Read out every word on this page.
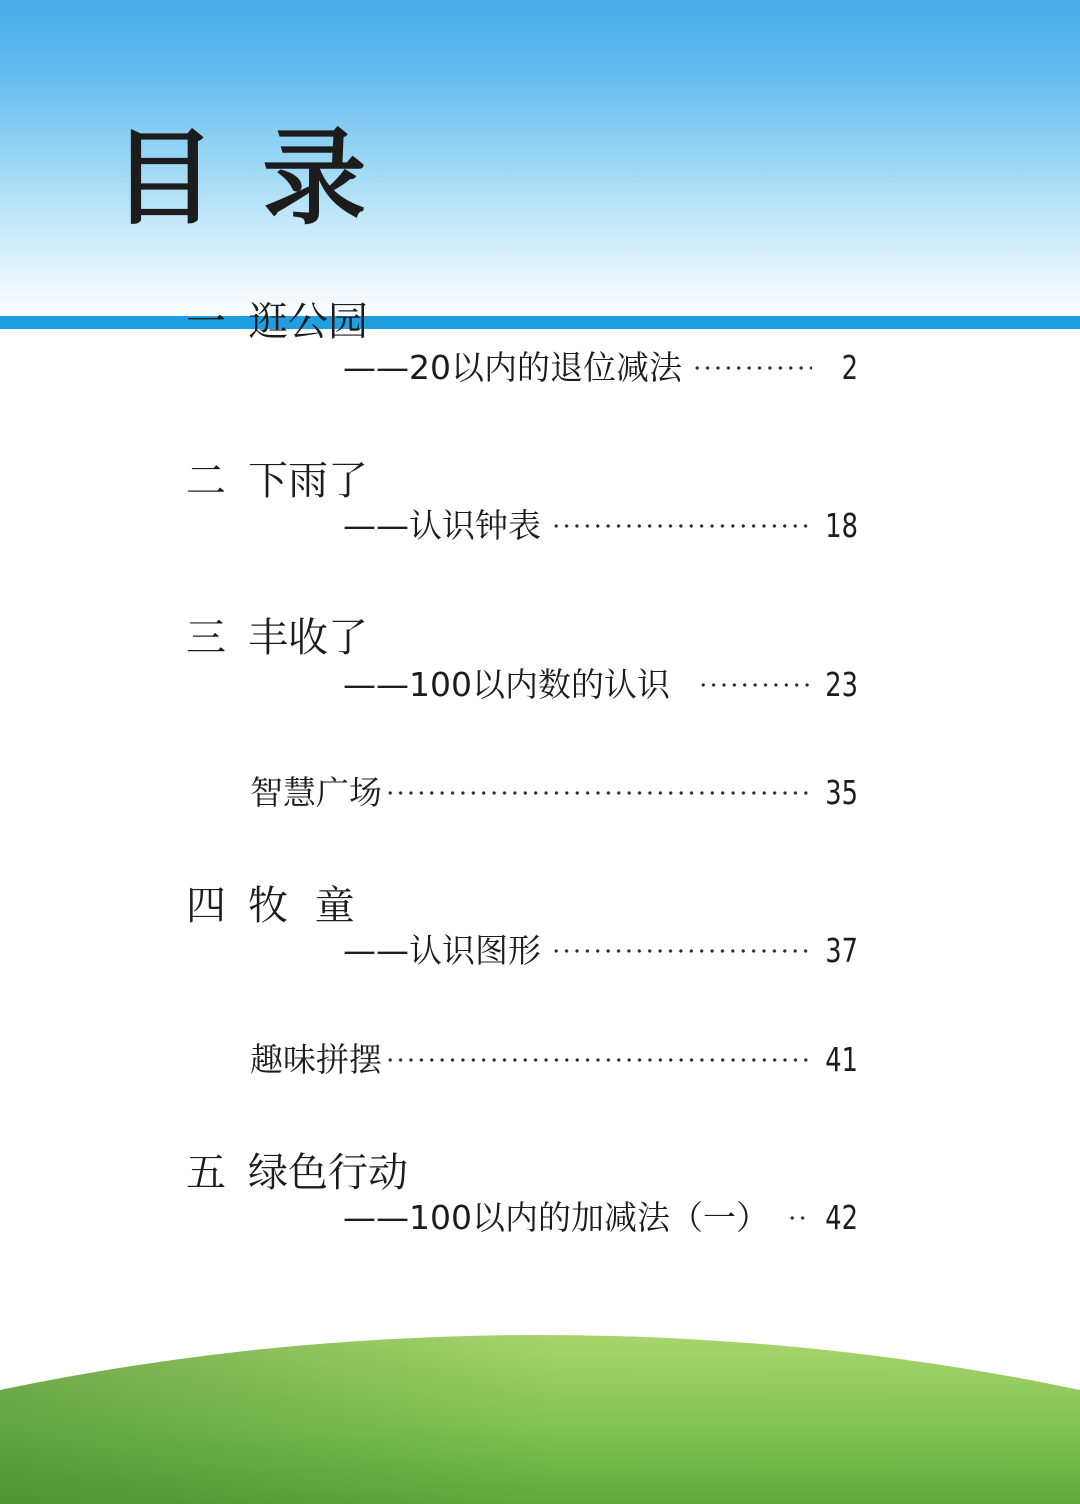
目 录
一 逛公园
——20以内的退位减法	2
二 下雨了
——认识钟表	18
三 丰收了
——100以内数的认识	23
智慧广场	35
四 牧 童
——认识图形	37
趣味拼摆	41
五 绿色行动
——100以内的加减法（一） 42
